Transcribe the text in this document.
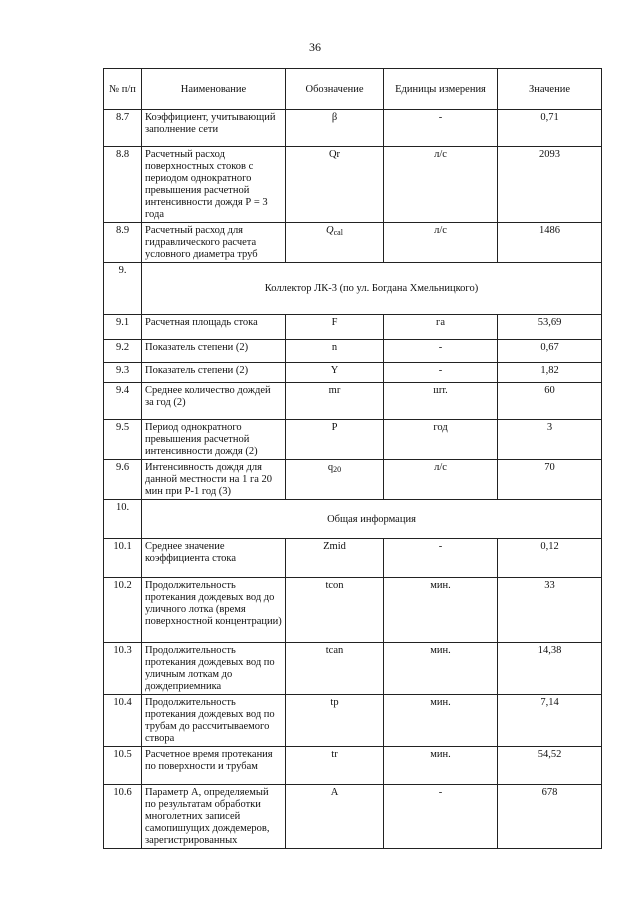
36
№ п/п	Наименование	Обозначение	Единицы измерения	Значение
8.7	Коэффициент, учитывающий заполнение сети	β	-	0,71
8.8	Расчетный расход поверхностных стоков с периодом однократного превышения расчетной интенсивности дождя Р = 3 года	Qr	л/с	2093
8.9	Расчетный расход для гидравлического расчета условного диаметра труб	$Q_{cal}$	л/с	1486
9.	Коллектор ЛК-3 (по ул. Богдана Хмельницкого)			
9.1	Расчетная площадь стока	F	га	53,69
9.2	Показатель степени (2)	n	-	0,67
9.3	Показатель степени (2)	Y	-	1,82
9.4	Среднее количество дождей за год (2)	mr	шт.	60
9.5	Период однократного превышения расчетной интенсивности дождя (2)	P	год	3
9.6	Интенсивность дождя для данной местности на 1 га 20 мин при Р-1 год (3)	$q_{20}$	л/с	70
10.	Общая информация			
10.1	Среднее значение коэффициента стока	Zmid	-	0,12
10.2	Продолжительность протекания дождевых вод до уличного лотка (время поверхностной концентрации)	tcon	мин.	33
10.3	Продолжительность протекания дождевых вод по уличным лоткам до дождеприемника	tcan	мин.	14,38
10.4	Продолжительность протекания дождевых вод по трубам до рассчитываемого створа	tp	мин.	7,14
10.5	Расчетное время протекания по поверхности и трубам	tr	мин.	54,52
10.6	Параметр А, определяемый по результатам обработки многолетних записей самопишущих дождемеров, зарегистрированных	A	-	678
